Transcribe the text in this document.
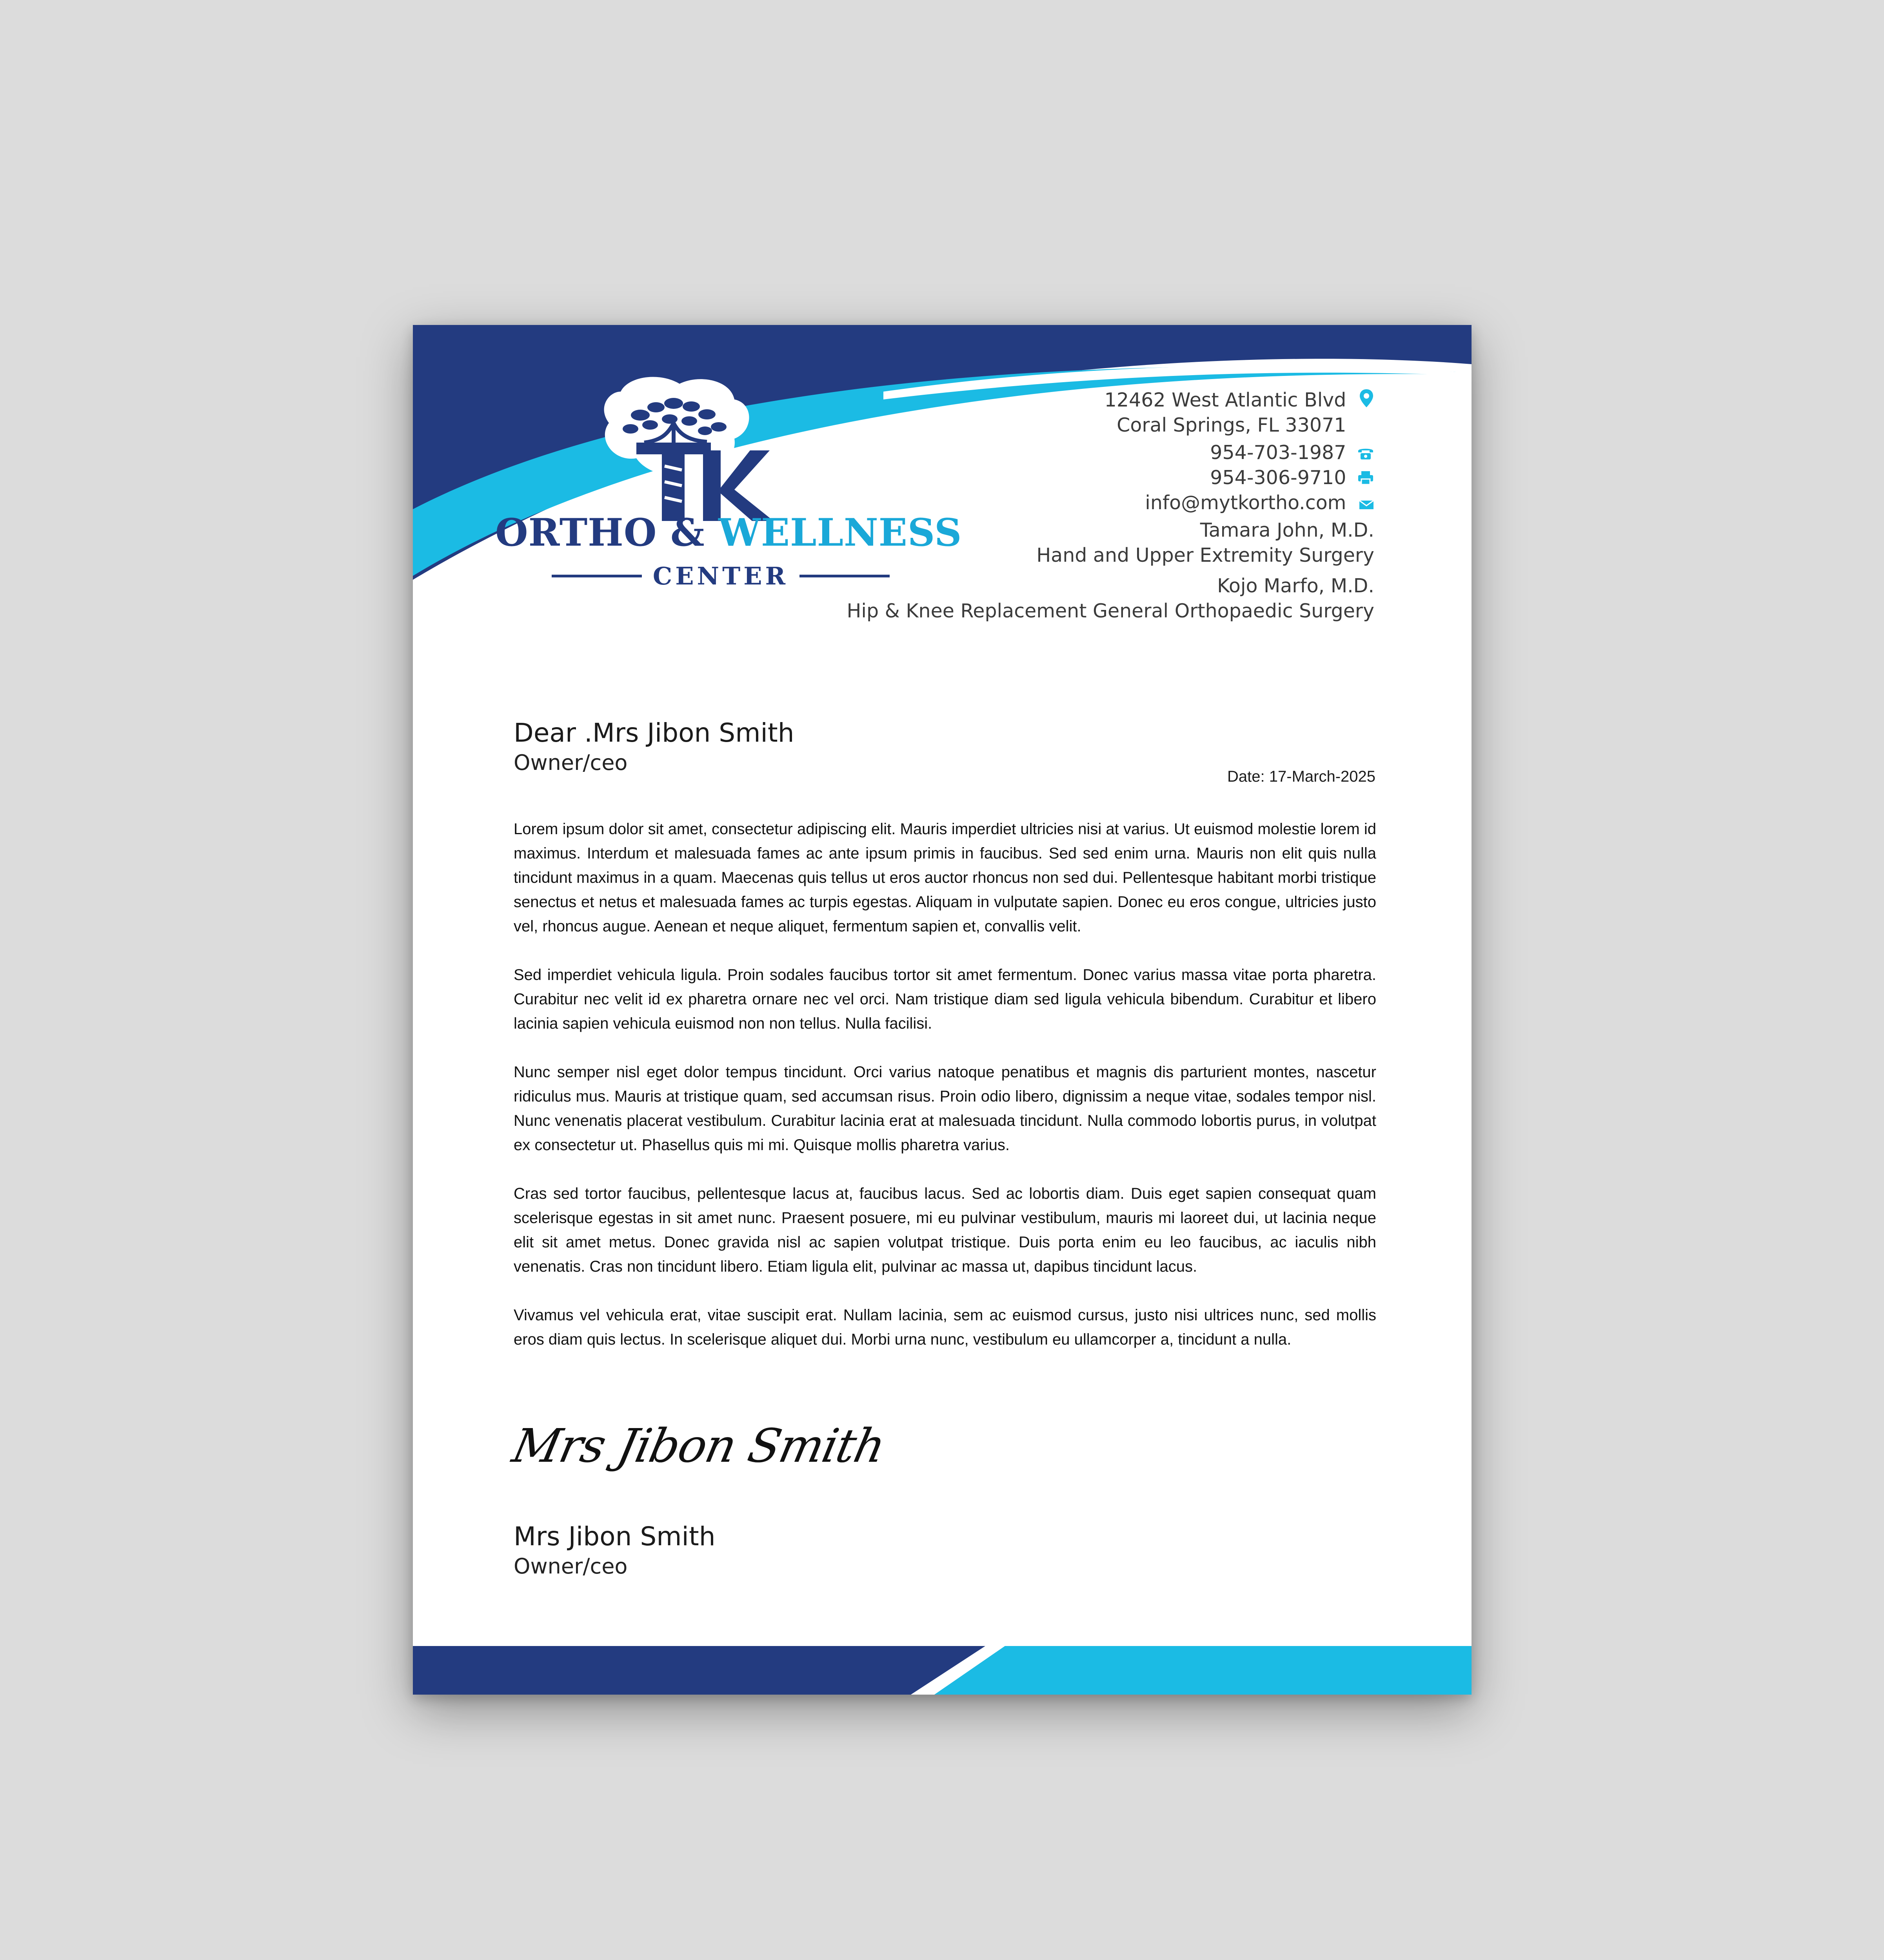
ORTHO & WELLNESS
CENTER
12462 West Atlantic Blvd
Coral Springs, FL 33071
954-703-1987
954-306-9710
info@mytkortho.com
Tamara John, M.D.
Hand and Upper Extremity Surgery
Kojo Marfo, M.D.
Hip & Knee Replacement General Orthopaedic Surgery
Dear .Mrs Jibon Smith
Owner/ceo
Date: 17-March-2025

Lorem ipsum dolor sit amet, consectetur adipiscing elit. Mauris imperdiet ultricies nisi at varius. Ut euismod molestie lorem id maximus. Interdum et malesuada fames ac ante ipsum primis in faucibus. Sed sed enim urna. Mauris non elit quis nulla tincidunt maximus in a quam. Maecenas quis tellus ut eros auctor rhoncus non sed dui. Pellentesque habitant morbi tristique senectus et netus et malesuada fames ac turpis egestas. Aliquam in vulputate sapien. Donec eu eros congue, ultricies justo vel, rhoncus augue. Aenean et neque aliquet, fermentum sapien et, convallis velit.

Sed imperdiet vehicula ligula. Proin sodales faucibus tortor sit amet fermentum. Donec varius massa vitae porta pharetra. Curabitur nec velit id ex pharetra ornare nec vel orci. Nam tristique diam sed ligula vehicula bibendum. Curabitur et libero lacinia sapien vehicula euismod non non tellus. Nulla facilisi.

Nunc semper nisl eget dolor tempus tincidunt. Orci varius natoque penatibus et magnis dis parturient montes, nascetur ridiculus mus. Mauris at tristique quam, sed accumsan risus. Proin odio libero, dignissim a neque vitae, sodales tempor nisl. Nunc venenatis placerat vestibulum. Curabitur lacinia erat at malesuada tincidunt. Nulla commodo lobortis purus, in volutpat ex consectetur ut. Phasellus quis mi mi. Quisque mollis pharetra varius.

Cras sed tortor faucibus, pellentesque lacus at, faucibus lacus. Sed ac lobortis diam. Duis eget sapien consequat quam scelerisque egestas in sit amet nunc. Praesent posuere, mi eu pulvinar vestibulum, mauris mi laoreet dui, ut lacinia neque elit sit amet metus. Donec gravida nisl ac sapien volutpat tristique. Duis porta enim eu leo faucibus, ac iaculis nibh venenatis. Cras non tincidunt libero. Etiam ligula elit, pulvinar ac massa ut, dapibus tincidunt lacus.

Vivamus vel vehicula erat, vitae suscipit erat. Nullam lacinia, sem ac euismod cursus, justo nisi ultrices nunc, sed mollis eros diam quis lectus. In scelerisque aliquet dui. Morbi urna nunc, vestibulum eu ullamcorper a, tincidunt a nulla.

Mrs Jibon Smith
Mrs Jibon Smith
Owner/ceo
